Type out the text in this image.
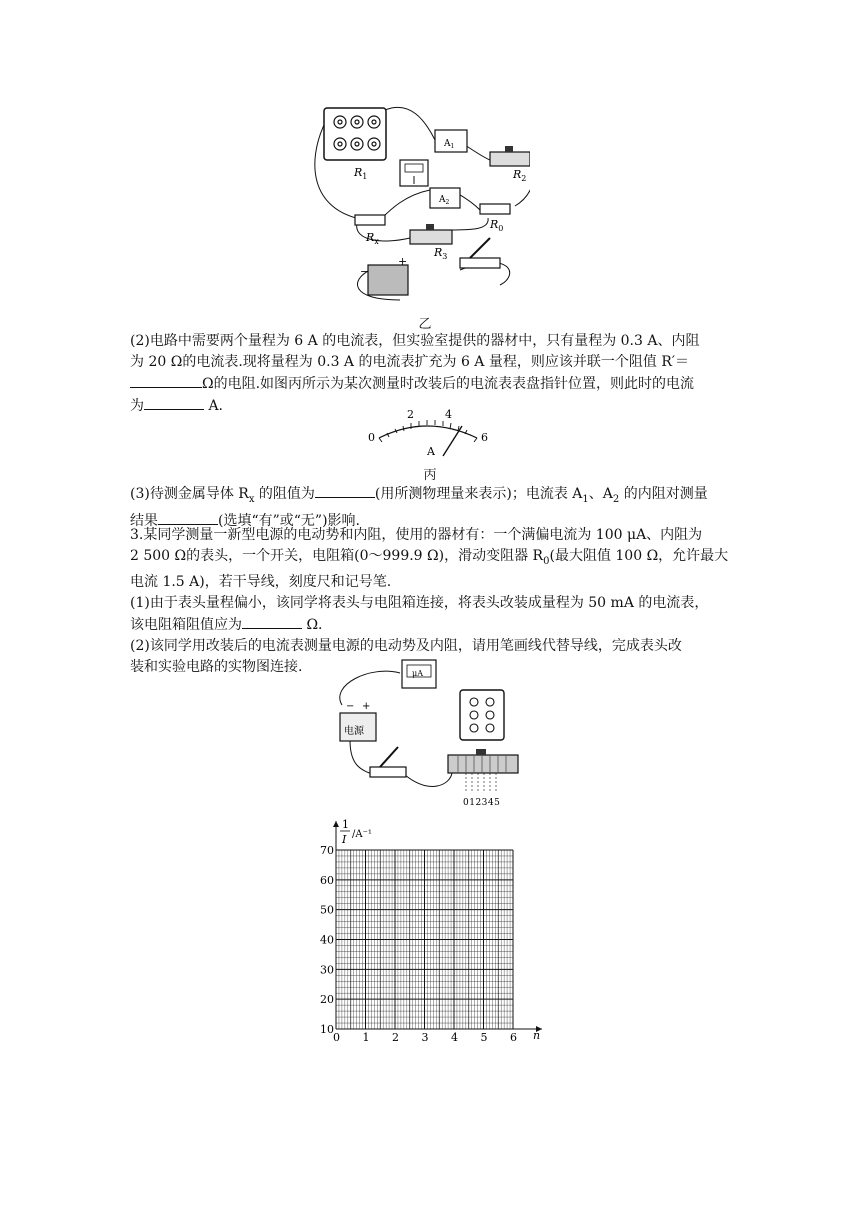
$R_1$
$A_1$
$R_2$
$A_2$
$R_0$
$R_x$
$R_3$
−
+
乙
(2)电路中需要两个量程为 6 A 的电流表，但实验室提供的器材中，只有量程为 0.3 A、内阻
为 20 Ω的电流表.现将量程为 0.3 A 的电流表扩充为 6 A 量程，则应该并联一个阻值 R′＝
Ω的电阻.如图丙所示为某次测量时改装后的电流表表盘指针位置，则此时的电流
为	A.
0
2	4
6
A
丙
(3)待测金属导体 $R_x$ 的阻值为	(用所测物理量来表示)；电流表 $A_1$、$A_2$ 的内阻对测量
结果	(选填“有”或“无”)影响.
3.某同学测量一新型电源的电动势和内阻，使用的器材有：一个满偏电流为 100 μA、内阻为
2 500 Ω的表头，一个开关，电阻箱(0～999.9 Ω)，滑动变阻器 $R_0$(最大阻值 100 Ω，允许最大
电流 1.5 A)，若干导线，刻度尺和记号笔.
(1)由于表头量程偏小，该同学将表头与电阻箱连接，将表头改装成量程为 50 mA 的电流表，
该电阻箱阻值应为	Ω.
(2)该同学用改装后的电流表测量电源的电动势及内阻，请用笔画线代替导线，完成表头改
装和实验电路的实物图连接.	μA
电源
− +
012345
0 1 2 3 4 5 6
10
20
30
40
50
60
70
1
I /A⁻¹
n
